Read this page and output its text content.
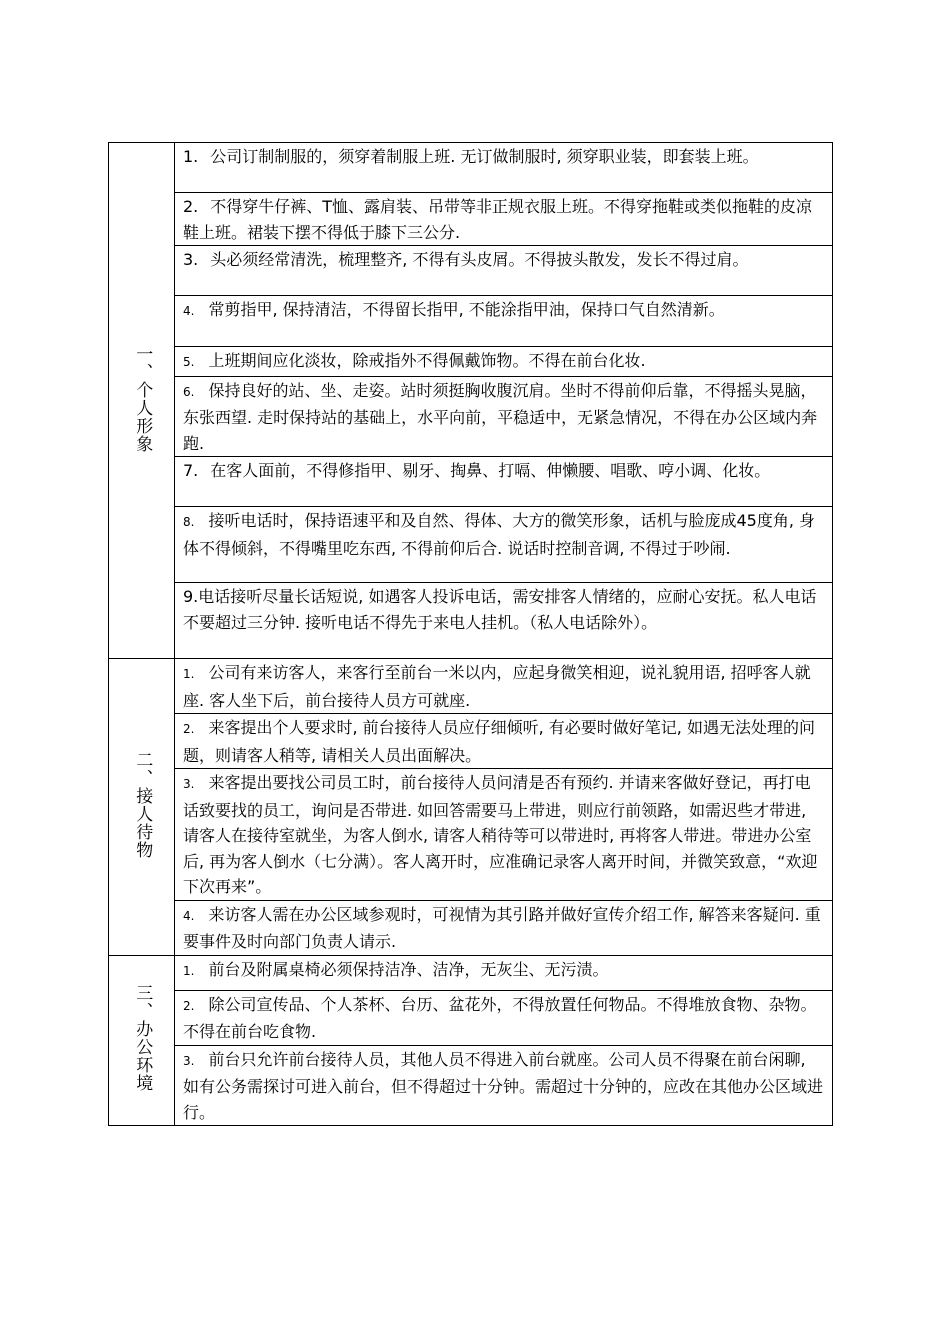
一、个人形象	1. 公司订制制服的，须穿着制服上班. 无订做制服时, 须穿职业装，即套装上班。
	2. 不得穿牛仔裤、T恤、露肩装、吊带等非正规衣服上班。不得穿拖鞋或类似拖鞋的皮凉鞋上班。裙装下摆不得低于膝下三公分.
	3. 头必须经常清洗，梳理整齐, 不得有头皮屑。不得披头散发，发长不得过肩。
	4. 常剪指甲, 保持清洁，不得留长指甲, 不能涂指甲油，保持口气自然清新。
	5. 上班期间应化淡妆，除戒指外不得佩戴饰物。不得在前台化妆.
	6. 保持良好的站、坐、走姿。站时须挺胸收腹沉肩。坐时不得前仰后靠，不得摇头晃脑，东张西望. 走时保持站的基础上，水平向前，平稳适中，无紧急情况，不得在办公区域内奔跑.
	7. 在客人面前，不得修指甲、剔牙、掏鼻、打嗝、伸懒腰、唱歌、哼小调、化妆。
	8. 接听电话时，保持语速平和及自然、得体、大方的微笑形象，话机与脸庞成45度角, 身体不得倾斜，不得嘴里吃东西, 不得前仰后合. 说话时控制音调, 不得过于吵闹.
	9.电话接听尽量长话短说, 如遇客人投诉电话，需安排客人情绪的，应耐心安抚。私人电话不要超过三分钟. 接听电话不得先于来电人挂机。（私人电话除外）。
二、接人待物	1. 公司有来访客人，来客行至前台一米以内，应起身微笑相迎，说礼貌用语, 招呼客人就座. 客人坐下后，前台接待人员方可就座.
	2. 来客提出个人要求时, 前台接待人员应仔细倾听, 有必要时做好笔记, 如遇无法处理的问题，则请客人稍等, 请相关人员出面解决。
	3. 来客提出要找公司员工时，前台接待人员问清是否有预约. 并请来客做好登记，再打电话致要找的员工，询问是否带进. 如回答需要马上带进，则应行前领路，如需迟些才带进, 请客人在接待室就坐，为客人倒水, 请客人稍待等可以带进时, 再将客人带进。带进办公室后, 再为客人倒水（七分满）。客人离开时，应准确记录客人离开时间，并微笑致意，“欢迎下次再来”。
	4. 来访客人需在办公区域参观时，可视情为其引路并做好宣传介绍工作, 解答来客疑问. 重要事件及时向部门负责人请示.
三、办公环境	1. 前台及附属桌椅必须保持洁净、洁净，无灰尘、无污渍。
	2. 除公司宣传品、个人茶杯、台历、盆花外，不得放置任何物品。不得堆放食物、杂物。不得在前台吃食物.
	3. 前台只允许前台接待人员，其他人员不得进入前台就座。公司人员不得聚在前台闲聊, 如有公务需探讨可进入前台，但不得超过十分钟。需超过十分钟的，应改在其他办公区域进行。
